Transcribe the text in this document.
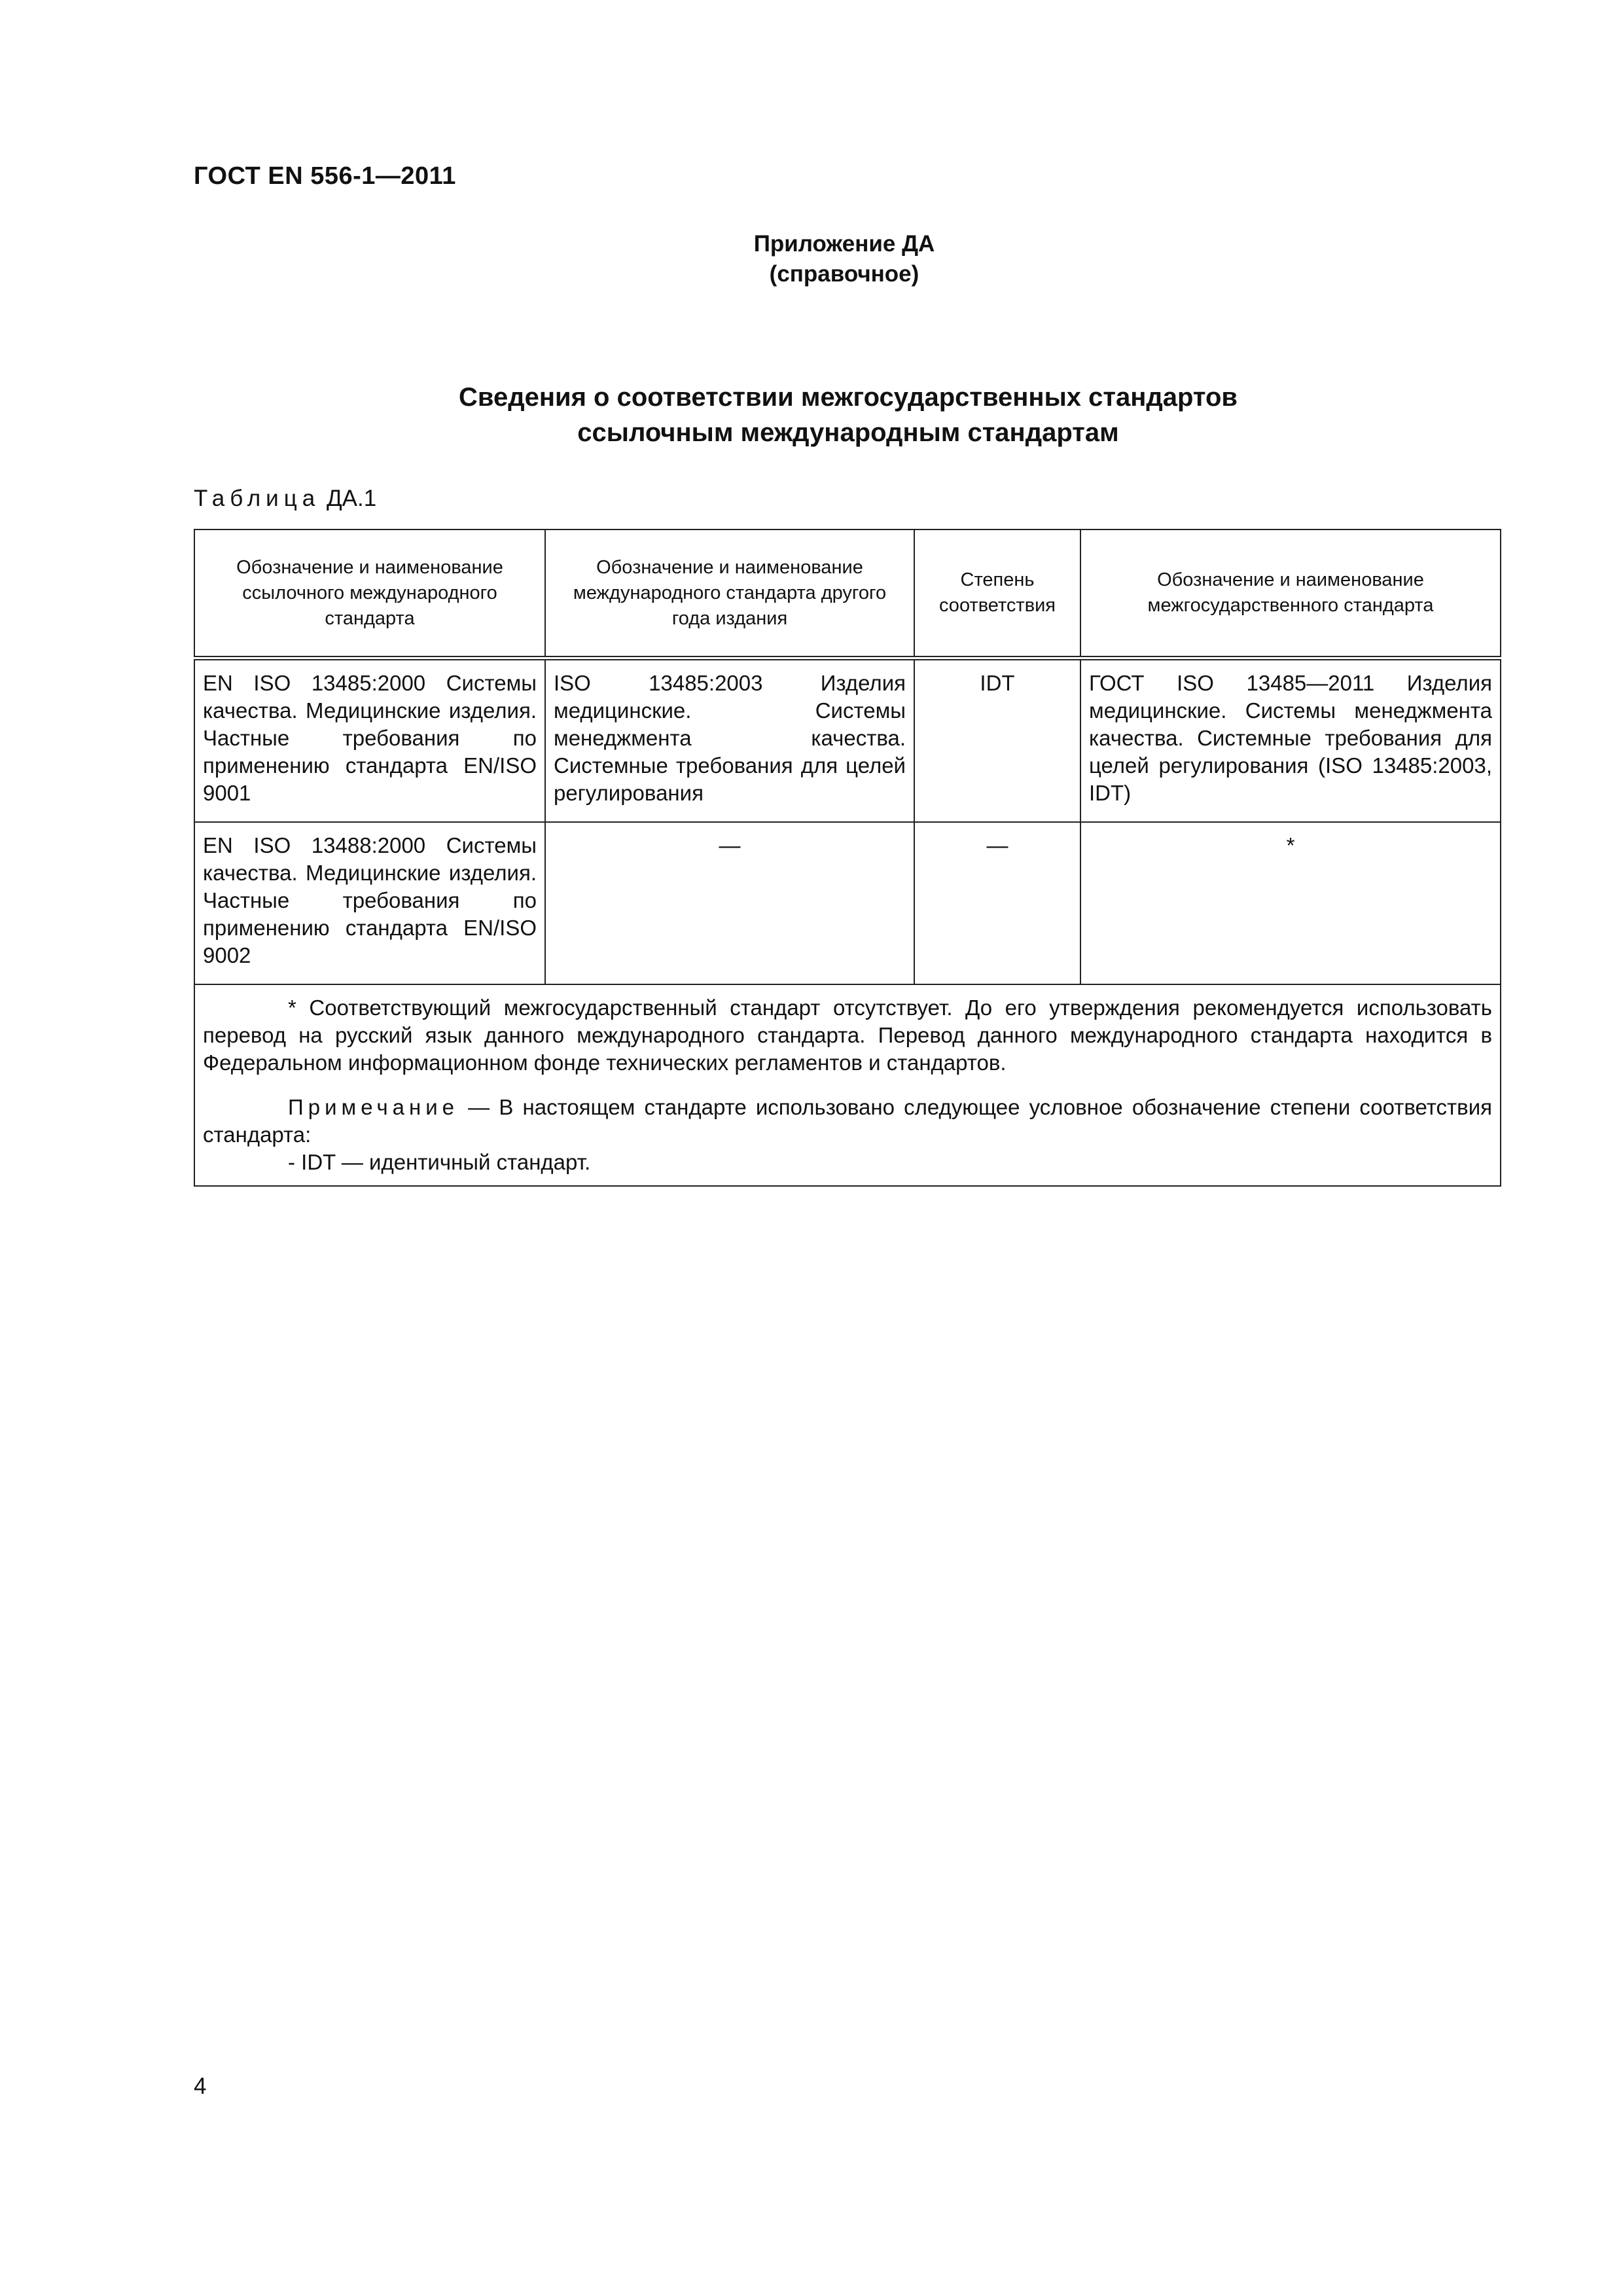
ГОСТ EN 556-1—2011
Приложение ДА
(справочное)
Сведения о соответствии межгосударственных стандартов
ссылочным международным стандартам
Таблица ДА.1
Обозначение и наименование ссылочного международного стандарта	Обозначение и наименование международного стандарта другого года издания	Степень соответствия	Обозначение и наименование межгосударственного стандарта
EN ISO 13485:2000 Системы качества. Медицинские изделия. Частные требования по применению стандарта EN/ISO 9001	ISO 13485:2003 Изделия медицинские. Системы менеджмента качества. Системные требования для целей регулирования	IDT	ГОСТ ISO 13485—2011 Изделия медицинские. Системы менеджмента качества. Системные требования для целей регулирования (ISO 13485:2003, IDT)
EN ISO 13488:2000 Системы качества. Медицинские изделия. Частные требования по применению стандарта EN/ISO 9002	—	—	*

* Соответствующий межгосударственный стандарт отсутствует. До его утверждения рекомендуется использовать перевод на русский язык данного международного стандарта. Перевод данного международного стандарта находится в Федеральном информационном фонде технических регламентов и стандартов.

Примечание — В настоящем стандарте использовано следующее условное обозначение степени соответствия стандарта:

- IDT — идентичный стандарт.			

4
